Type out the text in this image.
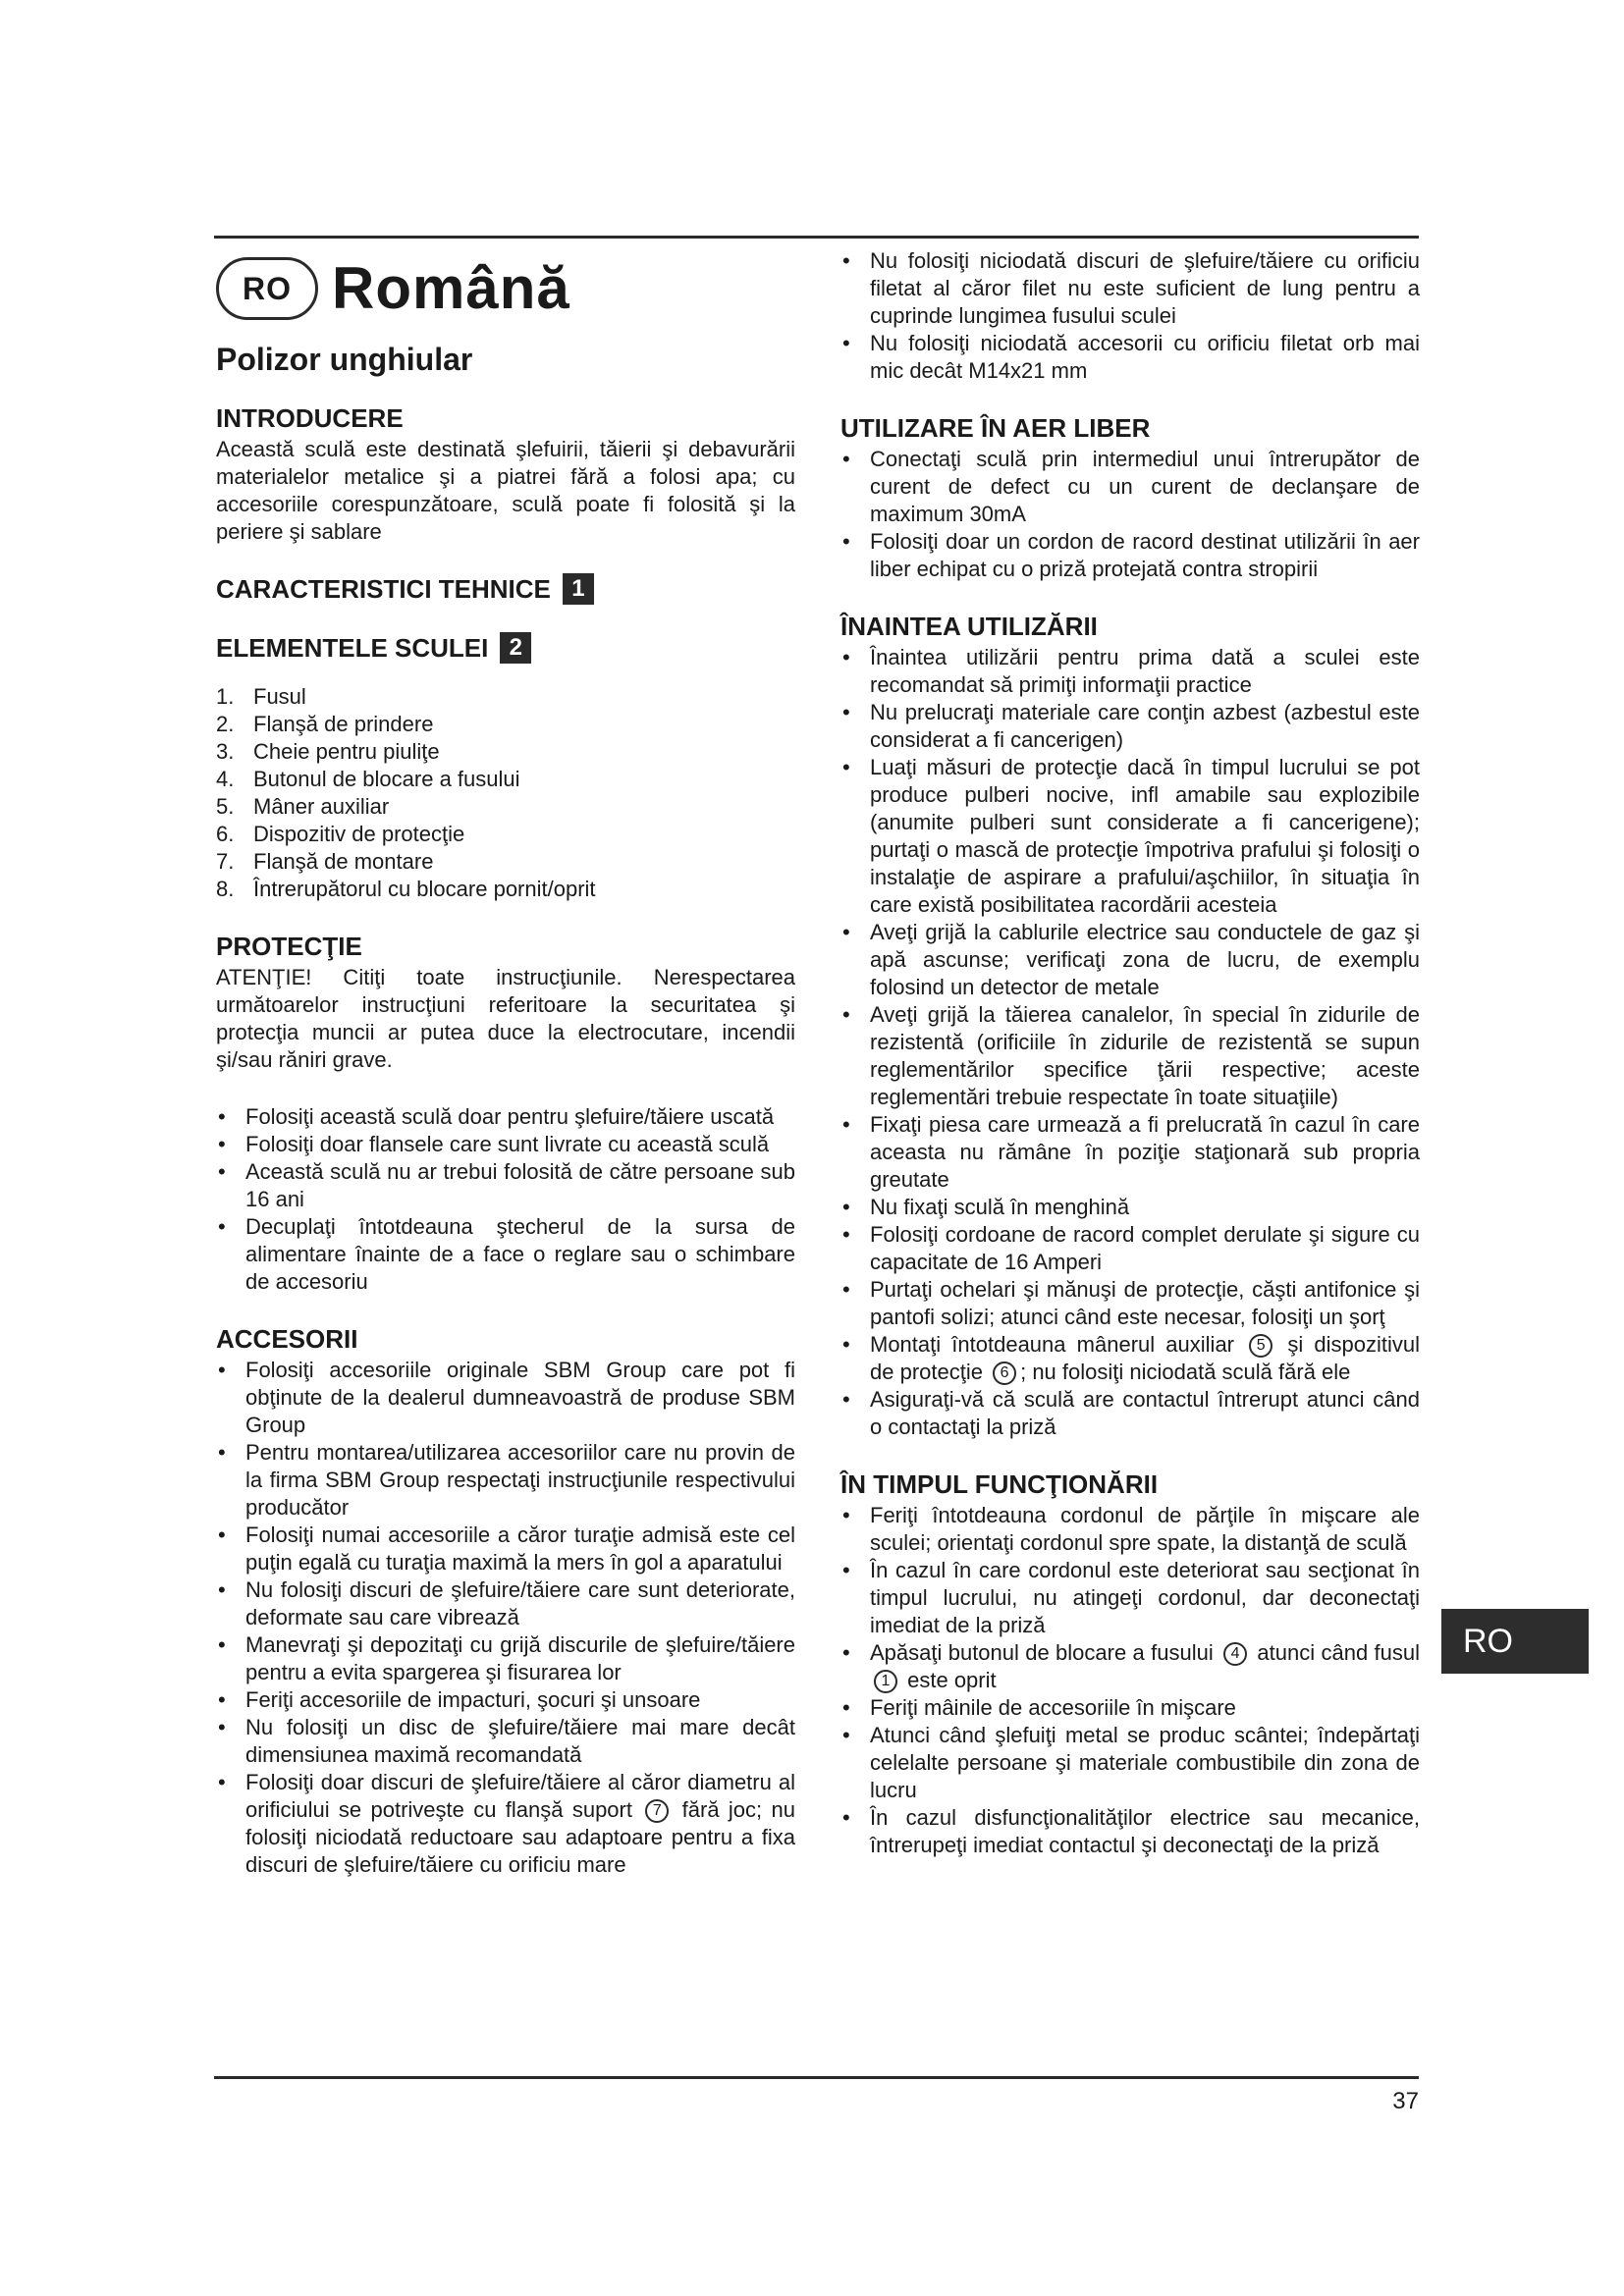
RO Română
Polizor unghiular
INTRODUCERE

Această sculă este destinată şlefuirii, tăierii şi debavurării materialelor metalice şi a piatrei fără a folosi apa; cu accesoriile corespunzătoare, sculă poate fi folosită şi la periere şi sablare

CARACTERISTICI TEHNICE 1
ELEMENTELE SCULEI 2
1. Fusul
2. Flanşă de prindere
3. Cheie pentru piuliţe
4. Butonul de blocare a fusului
5. Mâner auxiliar
6. Dispozitiv de protecţie
7. Flanşă de montare
8. Întrerupătorul cu blocare pornit/oprit
PROTECŢIE

ATENŢIE! Citiţi toate instrucţiunile. Nerespectarea următoarelor instrucţiuni referitoare la securitatea şi protecţia muncii ar putea duce la electrocutare, incendii şi/sau răniri grave.

• Folosiţi această sculă doar pentru şlefuire/tăiere uscată
• Folosiţi doar flansele care sunt livrate cu această sculă
• Această sculă nu ar trebui folosită de către persoane sub 16 ani
• Decuplaţi întotdeauna ştecherul de la sursa de alimentare înainte de a face o reglare sau o schimbare de accesoriu
ACCESORII
• Folosiţi accesoriile originale SBM Group care pot fi obţinute de la dealerul dumneavoastră de produse SBM Group
• Pentru montarea/utilizarea accesoriilor care nu provin de la firma SBM Group respectaţi instrucţiunile respectivului producător
• Folosiţi numai accesoriile a căror turaţie admisă este cel puţin egală cu turaţia maximă la mers în gol a aparatului
• Nu folosiţi discuri de şlefuire/tăiere care sunt deteriorate, deformate sau care vibrează
• Manevraţi şi depozitaţi cu grijă discurile de şlefuire/tăiere pentru a evita spargerea şi fisurarea lor
• Feriţi accesoriile de impacturi, şocuri şi unsoare
• Nu folosiţi un disc de şlefuire/tăiere mai mare decât dimensiunea maximă recomandată
• Folosiţi doar discuri de şlefuire/tăiere al căror diametru al orificiului se potriveşte cu flanşă suport 7 fără joc; nu folosiţi niciodată reductoare sau adaptoare pentru a fixa discuri de şlefuire/tăiere cu orificiu mare
• Nu folosiţi niciodată discuri de şlefuire/tăiere cu orificiu filetat al căror filet nu este suficient de lung pentru a cuprinde lungimea fusului sculei
• Nu folosiţi niciodată accesorii cu orificiu filetat orb mai mic decât M14x21 mm
UTILIZARE ÎN AER LIBER
• Conectaţi sculă prin intermediul unui întrerupător de curent de defect cu un curent de declanşare de maximum 30mA
• Folosiţi doar un cordon de racord destinat utilizării în aer liber echipat cu o priză protejată contra stropirii
ÎNAINTEA UTILIZĂRII
• Înaintea utilizării pentru prima dată a sculei este recomandat să primiţi informaţii practice
• Nu prelucraţi materiale care conţin azbest (azbestul este considerat a fi cancerigen)
• Luaţi măsuri de protecţie dacă în timpul lucrului se pot produce pulberi nocive, infl amabile sau explozibile (anumite pulberi sunt considerate a fi cancerigene); purtaţi o mască de protecţie împotriva prafului şi folosiţi o instalaţie de aspirare a prafului/aşchiilor, în situaţia în care există posibilitatea racordării acesteia
• Aveţi grijă la cablurile electrice sau conductele de gaz şi apă ascunse; verificaţi zona de lucru, de exemplu folosind un detector de metale
• Aveţi grijă la tăierea canalelor, în special în zidurile de rezistentă (orificiile în zidurile de rezistentă se supun reglementărilor specifice ţării respective; aceste reglementări trebuie respectate în toate situaţiile)
• Fixaţi piesa care urmează a fi prelucrată în cazul în care aceasta nu rămâne în poziţie staţionară sub propria greutate
• Nu fixaţi sculă în menghină
• Folosiţi cordoane de racord complet derulate şi sigure cu capacitate de 16 Amperi
• Purtaţi ochelari şi mănuşi de protecţie, căşti antifonice şi pantofi solizi; atunci când este necesar, folosiţi un şorţ
• Montaţi întotdeauna mânerul auxiliar 5 şi dispozitivul de protecţie 6 ; nu folosiţi niciodată sculă fără ele
• Asiguraţi-vă că sculă are contactul întrerupt atunci când o contactaţi la priză
ÎN TIMPUL FUNCŢIONĂRII
• Feriţi întotdeauna cordonul de părţile în mişcare ale sculei; orientaţi cordonul spre spate, la distanţă de sculă
• În cazul în care cordonul este deteriorat sau secţionat în timpul lucrului, nu atingeţi cordonul, dar deconectaţi imediat de la priză
• Apăsaţi butonul de blocare a fusului 4 atunci când fusul 1 este oprit
• Feriţi mâinile de accesoriile în mişcare
• Atunci când şlefuiţi metal se produc scântei; îndepărtaţi celelalte persoane şi materiale combustibile din zona de lucru
• În cazul disfuncţionalităţilor electrice sau mecanice, întrerupeţi imediat contactul şi deconectaţi de la priză
RO
37
